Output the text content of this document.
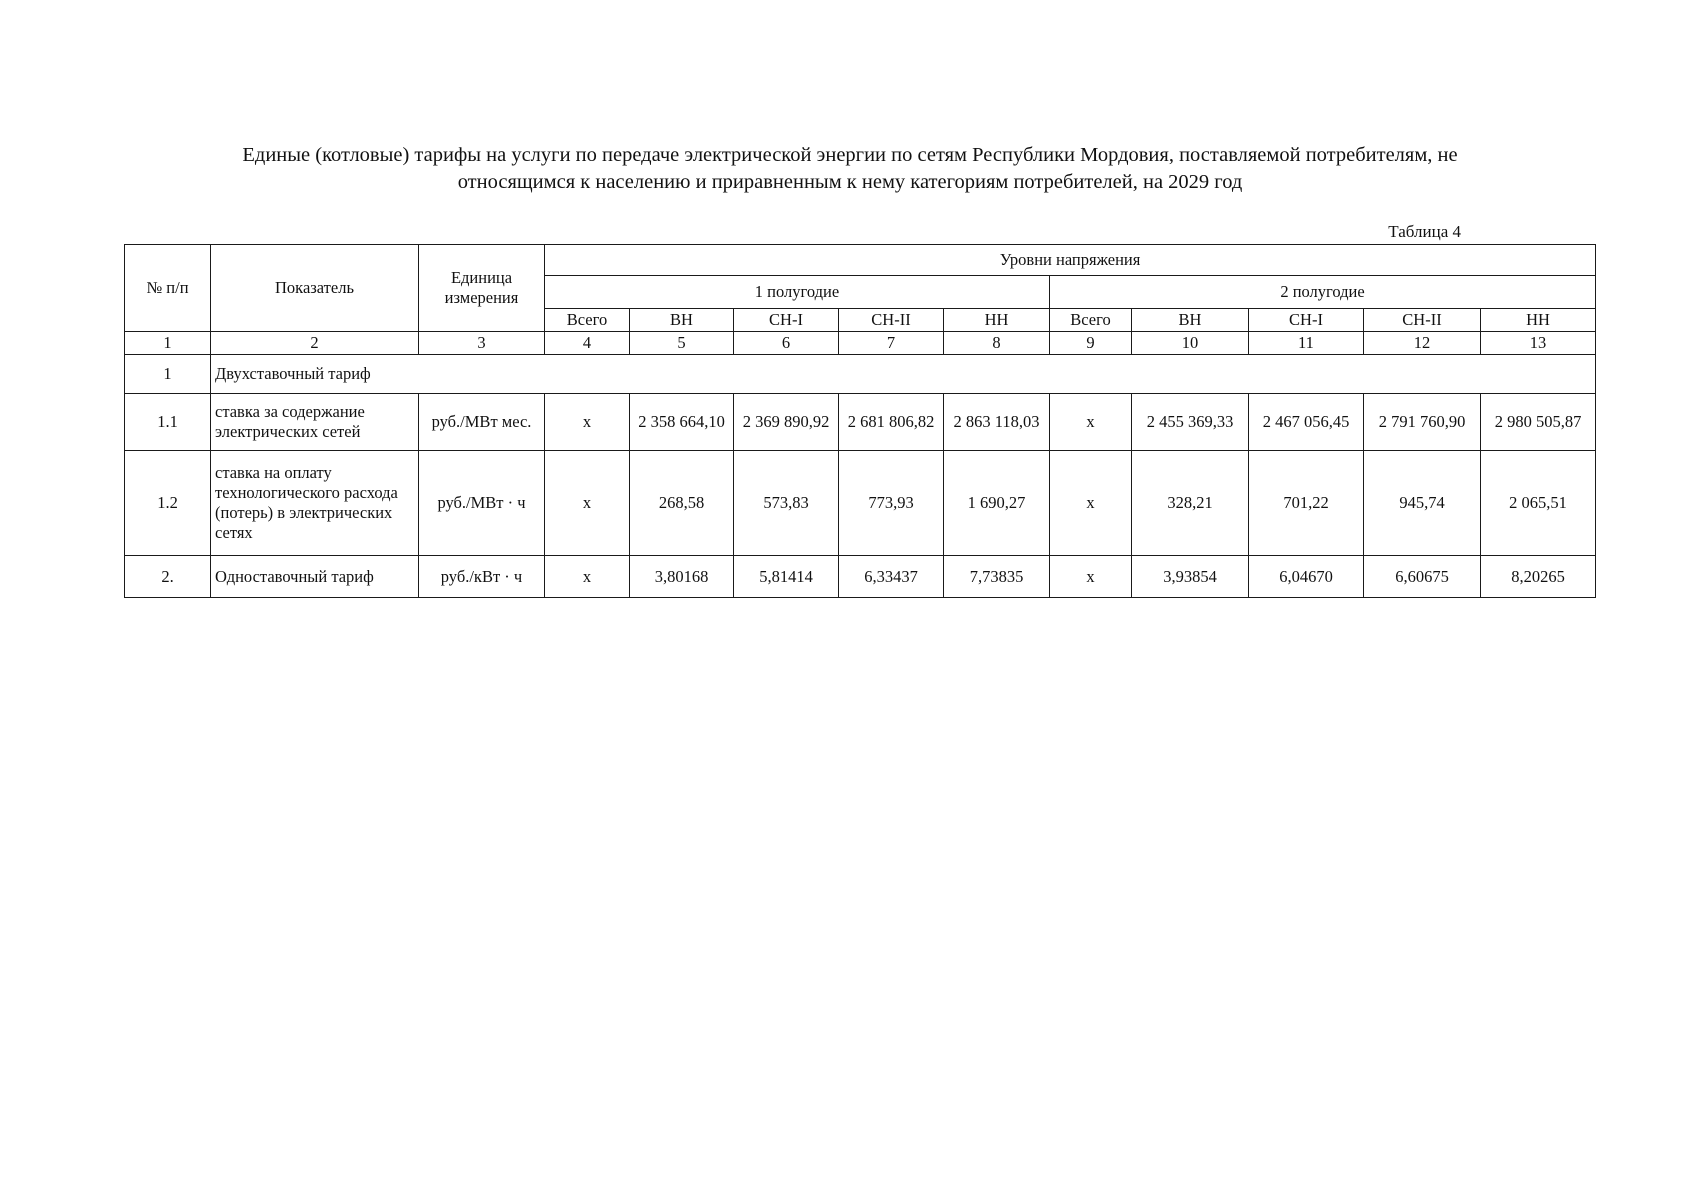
Единые (котловые) тарифы на услуги по передаче электрической энергии по сетям Республики Мордовия, поставляемой потребителям, не
относящимся к населению и приравненным к нему категориям потребителей, на 2029 год
Таблица 4
№ п/п	Показатель	Единица измерения	Уровни напряжения									
			1 полугодие					2 полугодие				
			Всего	ВН	СН-I	СН-II	НН	Всего	ВН	СН-I	СН-II	НН
1	2	3	4	5	6	7	8	9	10	11	12	13
1	Двухставочный тариф											
1.1	ставка за содержание электрических сетей	руб./МВт мес.	х	2 358 664,10	2 369 890,92	2 681 806,82	2 863 118,03	х	2 455 369,33	2 467 056,45	2 791 760,90	2 980 505,87
1.2	ставка на оплату технологического расхода (потерь) в электрических сетях	руб./МВт · ч	х	268,58	573,83	773,93	1 690,27	х	328,21	701,22	945,74	2 065,51
2.	Одноставочный тариф	руб./кВт · ч	х	3,80168	5,81414	6,33437	7,73835	х	3,93854	6,04670	6,60675	8,20265
